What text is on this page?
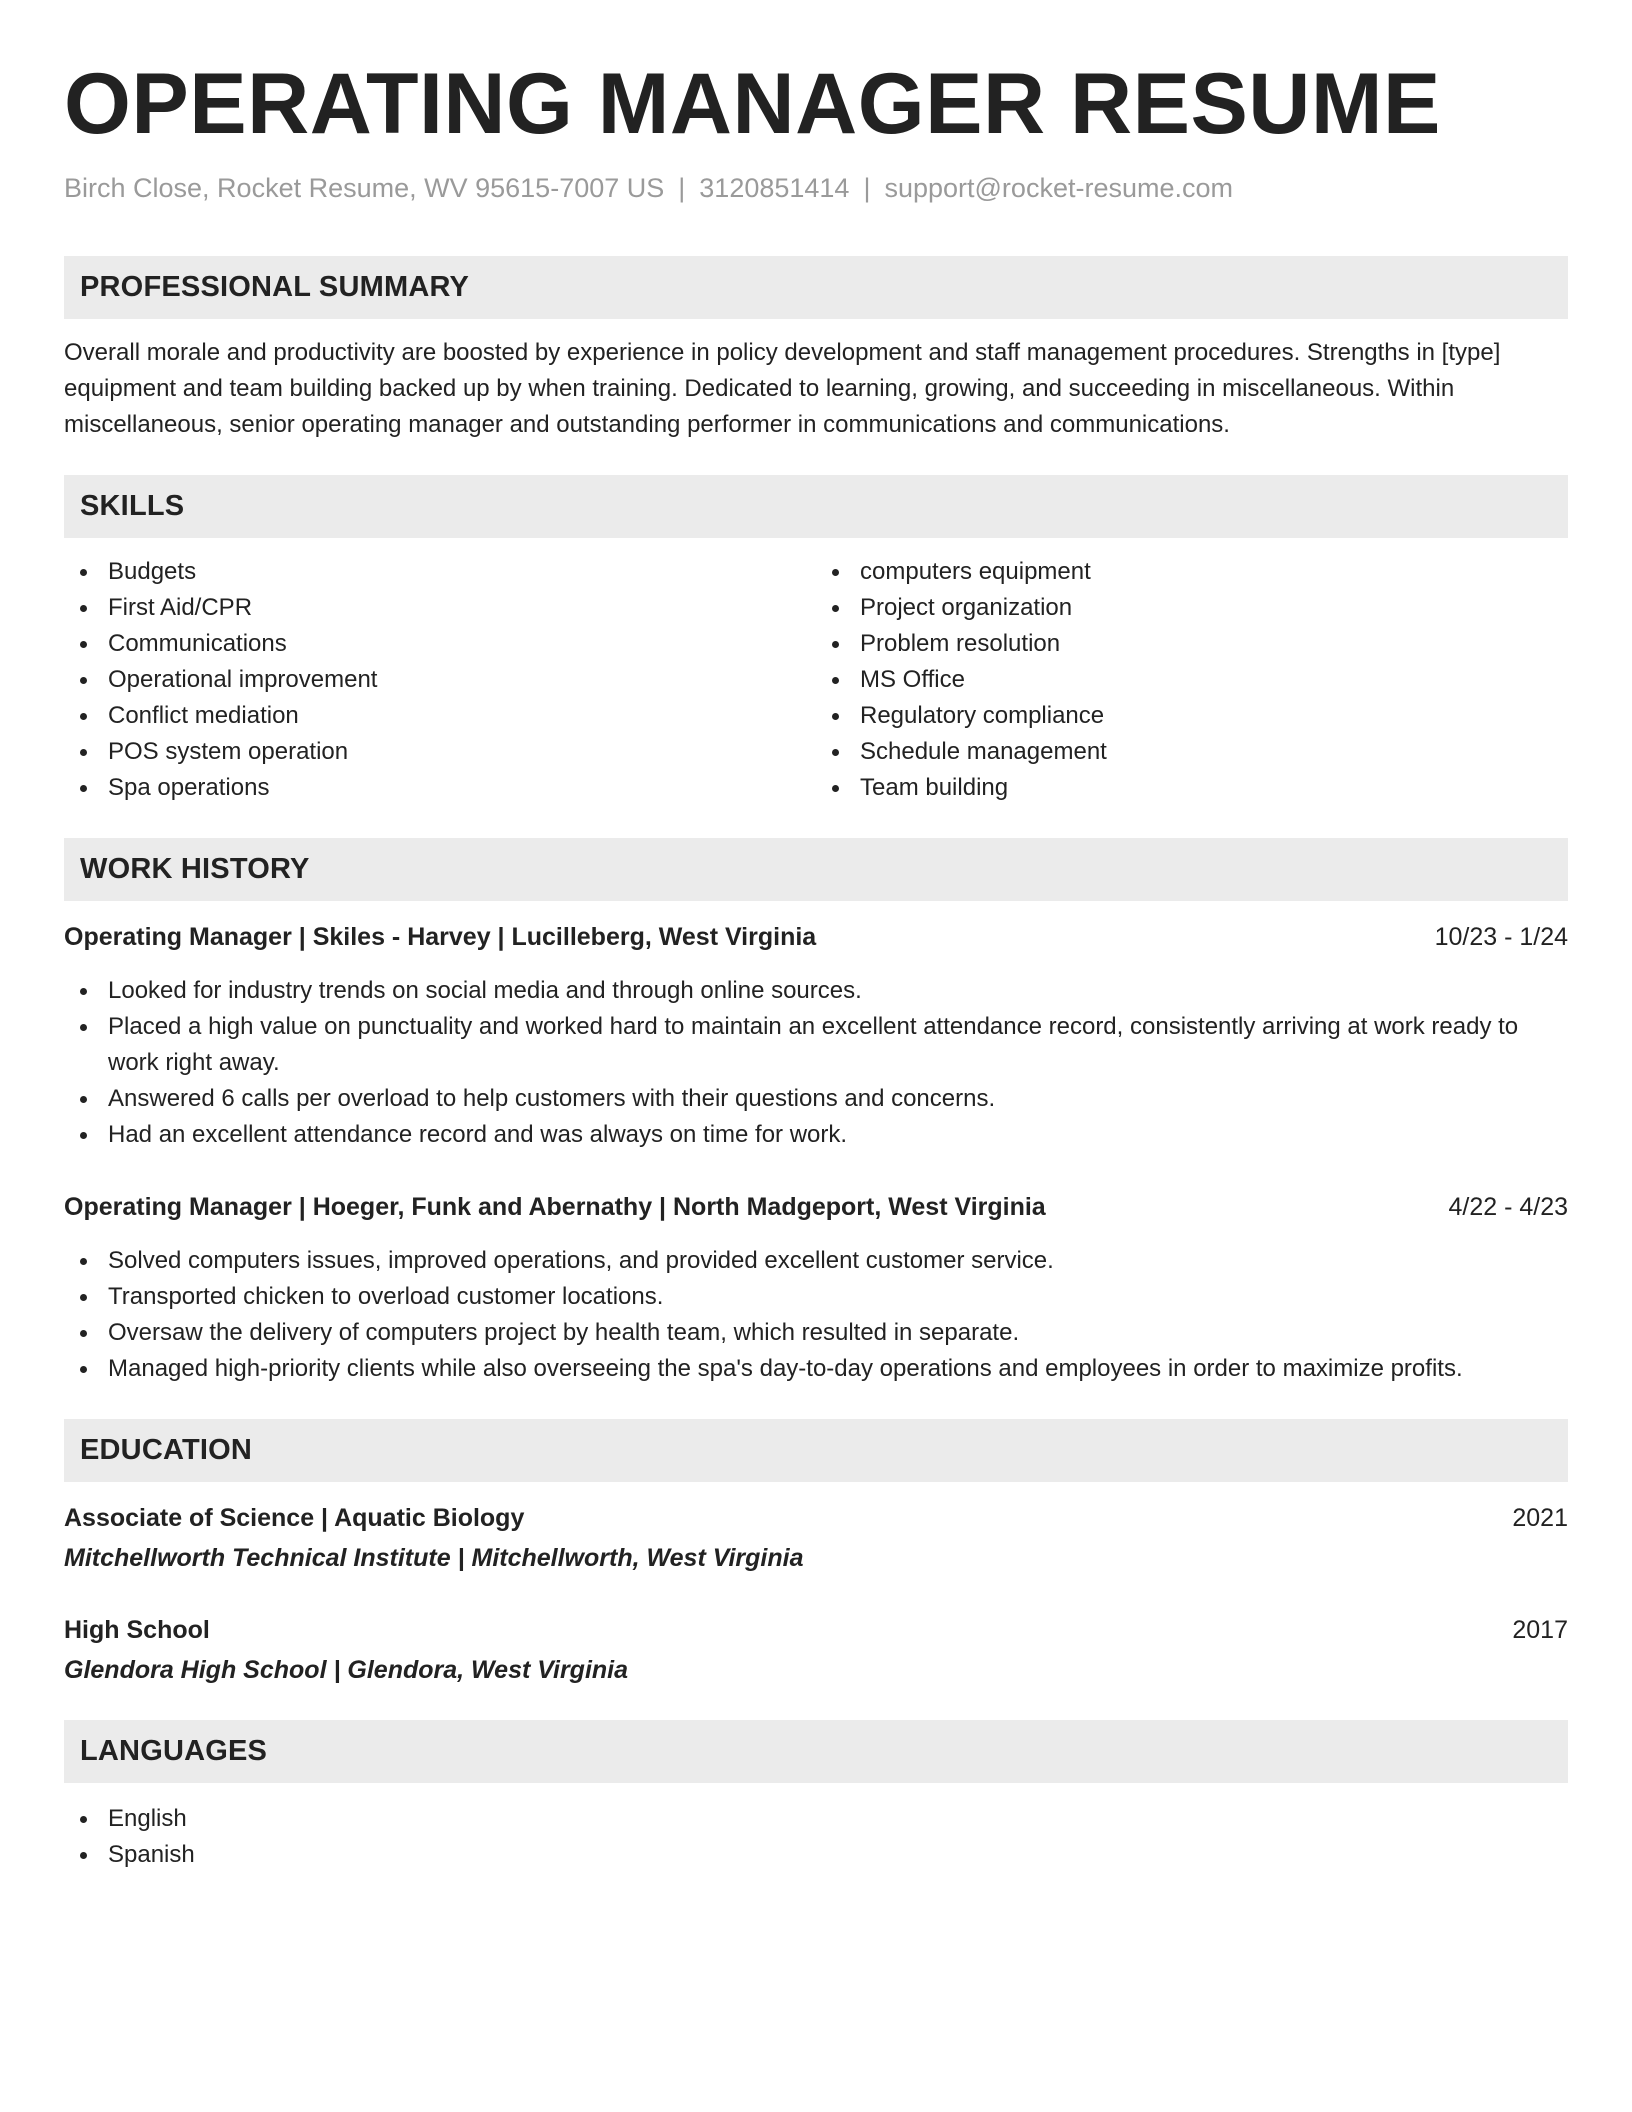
OPERATING MANAGER RESUME
Birch Close, Rocket Resume, WV 95615-7007 US | 3120851414 | support@rocket-resume.com
PROFESSIONAL SUMMARY
Overall morale and productivity are boosted by experience in policy development and staff management procedures. Strengths in [type] equipment and team building backed up by when training. Dedicated to learning, growing, and succeeding in miscellaneous. Within miscellaneous, senior operating manager and outstanding performer in communications and communications.
SKILLS
Budgets
First Aid/CPR
Communications
Operational improvement
Conflict mediation
POS system operation
Spa operations
computers equipment
Project organization
Problem resolution
MS Office
Regulatory compliance
Schedule management
Team building
WORK HISTORY
Operating Manager | Skiles - Harvey | Lucilleberg, West Virginia	10/23 - 1/24
Looked for industry trends on social media and through online sources.
Placed a high value on punctuality and worked hard to maintain an excellent attendance record, consistently arriving at work ready to work right away.
Answered 6 calls per overload to help customers with their questions and concerns.
Had an excellent attendance record and was always on time for work.
Operating Manager | Hoeger, Funk and Abernathy | North Madgeport, West Virginia	4/22 - 4/23
Solved computers issues, improved operations, and provided excellent customer service.
Transported chicken to overload customer locations.
Oversaw the delivery of computers project by health team, which resulted in separate.
Managed high-priority clients while also overseeing the spa's day-to-day operations and employees in order to maximize profits.
EDUCATION
Associate of Science | Aquatic Biology	2021
Mitchellworth Technical Institute | Mitchellworth, West Virginia
High School	2017
Glendora High School | Glendora, West Virginia
LANGUAGES
English
Spanish
